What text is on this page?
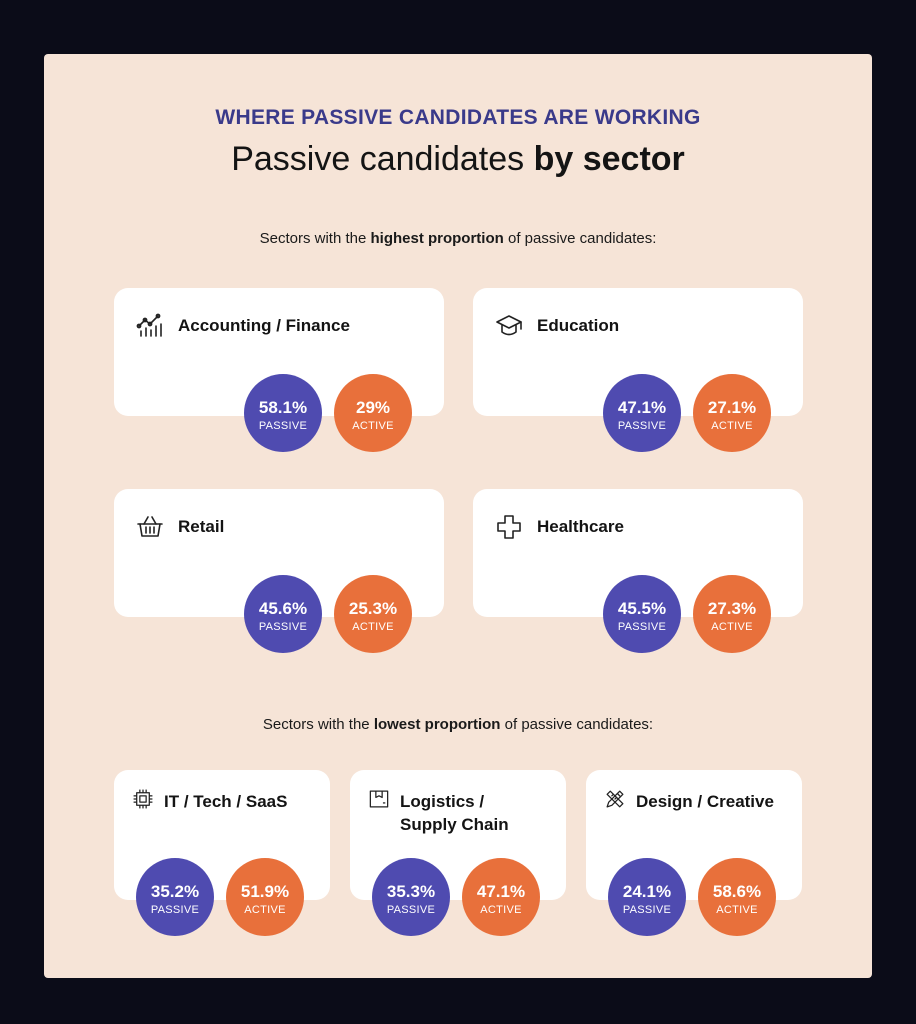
WHERE PASSIVE CANDIDATES ARE WORKING
Passive candidates by sector
Sectors with the highest proportion of passive candidates:
Accounting / Finance
58.1%
PASSIVE
29%
ACTIVE
Education
47.1%
PASSIVE
27.1%
ACTIVE
Retail
45.6%
PASSIVE
25.3%
ACTIVE
Healthcare
45.5%
PASSIVE
27.3%
ACTIVE
Sectors with the lowest proportion of passive candidates:
IT / Tech / SaaS
35.2%
PASSIVE
51.9%
ACTIVE
Logistics /
Supply Chain
35.3%
PASSIVE
47.1%
ACTIVE
Design / Creative
24.1%
PASSIVE
58.6%
ACTIVE
